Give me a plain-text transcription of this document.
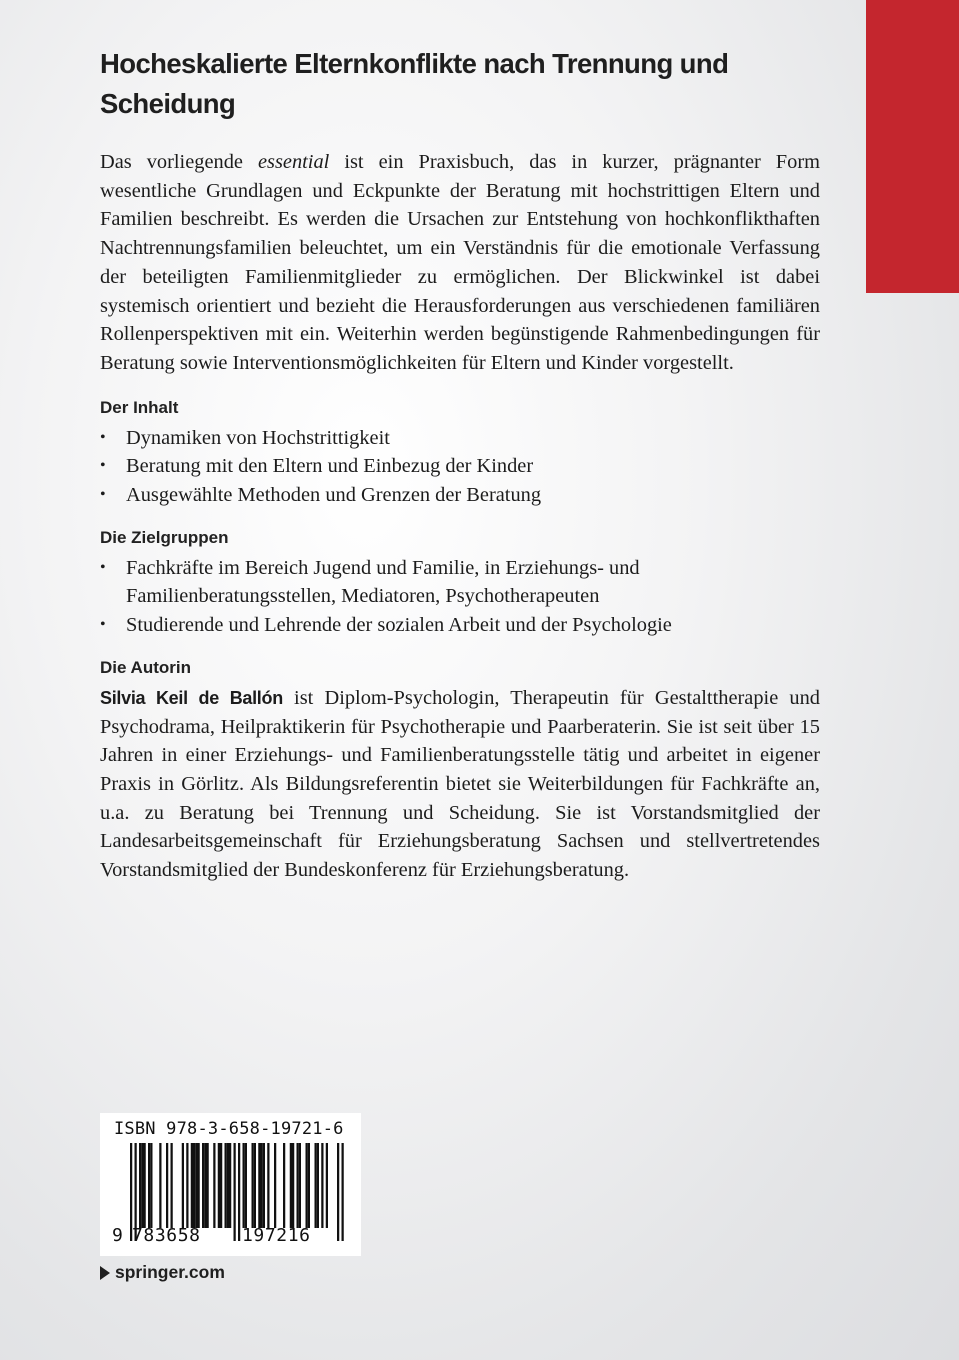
Hocheskalierte Elternkonflikte nach Trennung und Scheidung

Das vorliegende essential ist ein Praxisbuch, das in kurzer, prägnanter Form wesentliche Grundlagen und Eckpunkte der Beratung mit hochstrittigen Eltern und Familien beschreibt. Es werden die Ursachen zur Entstehung von hochkonflikthaften Nachtrennungsfamilien beleuchtet, um ein Verständnis für die emotionale Verfassung der beteiligten Familienmitglieder zu ermöglichen. Der Blickwinkel ist dabei systemisch orientiert und bezieht die Herausforderungen aus verschiedenen familiären Rollenperspektiven mit ein. Weiterhin werden begünstigende Rahmenbedingungen für Beratung sowie Interventionsmöglichkeiten für Eltern und Kinder vorgestellt.

Der Inhalt
• Dynamiken von Hochstrittigkeit
• Beratung mit den Eltern und Einbezug der Kinder
• Ausgewählte Methoden und Grenzen der Beratung
Die Zielgruppen
• Fachkräfte im Bereich Jugend und Familie, in Erziehungs- und Familienberatungsstellen, Mediatoren, Psychotherapeuten
• Studierende und Lehrende der sozialen Arbeit und der Psychologie
Die Autorin

Silvia Keil de Ballón ist Diplom-Psychologin, Therapeutin für Gestalttherapie und Psychodrama, Heilpraktikerin für Psychotherapie und Paarberaterin. Sie ist seit über 15 Jahren in einer Erziehungs- und Familienberatungsstelle tätig und arbeitet in eigener Praxis in Görlitz. Als Bildungsreferentin bietet sie Weiterbildungen für Fachkräfte an, u.a. zu Beratung bei Trennung und Scheidung. Sie ist Vorstandsmitglied der Landesarbeitsgemeinschaft für Erziehungsberatung Sachsen und stellvertretendes Vorstandsmitglied der Bundeskonferenz für Erziehungsberatung.

ISBN 978-3-658-19721-6
9 783658 197216
springer.com
